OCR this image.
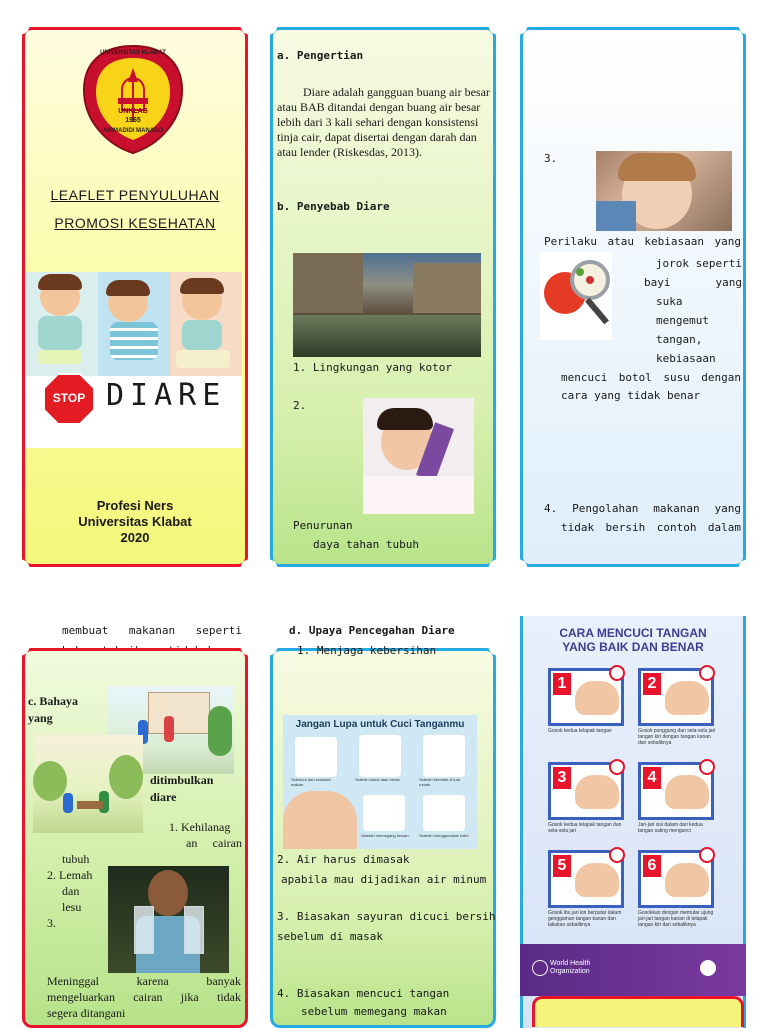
UNIVERSITAS KLABAT
UNKLAB
1965
AIRMADIDI MANADO
LEAFLET PENYULUHAN
PROMOSI KESEHATAN
STOP DIARE
Profesi Ners
Universitas Klabat
2020
a. Pengertian
Diare adalah gangguan buang air besar atau BAB ditandai dengan buang air besar lebih dari 3 kali sehari dengan konsistensi tinja cair, dapat disertai dengan darah dan atau lender (Riskesdas, 2013).
b. Penyebab Diare
1. Lingkungan yang kotor
2.
Penurunan
daya tahan tubuh
3.
Perilaku atau kebiasaan yang
jorok seperti
bayi yang
suka
mengemut
tangan,
kebiasaan
mencuci botol susu dengan
cara yang tidak benar
4. Pengolahan makanan yang
tidak bersih contoh dalam
membuat makanan seperti
c. Bahaya
yang
ditimbulkan
diare
1. Kehilanag
an cairan
tubuh
2. Lemah
dan
lesu
3.
Meninggal karena banyak
mengeluarkan cairan jika tidak
segera ditangani
d. Upaya Pencegahan Diare
1. Menjaga kebersihan
Jangan Lupa untuk Cuci Tanganmu
Sebelum dan sesudah makan
Setelah batuk atau bersin	Setelah bermain di luar rumah
Setelah memegang hewan	Setelah menggunakan toilet
2. Air harus dimasak
apabila mau dijadikan air minum
3. Biasakan sayuran dicuci bersih
sebelum di masak
4. Biasakan mencuci tangan
sebelum memegang makan
CARA MENCUCI TANGAN
YANG BAIK DAN BENAR
1
Gosok kedua telapak tangan
2
Gosok punggung dan sela-sela jari tangan kiri dengan tangan kanan dan sebaliknya
3
Gosok kedua telapak tangan dan sela-sela jari
4
Jari-jari sisi dalam dari kedua tangan saling mengunci
5
Gosok ibu jari kiri berputar dalam genggaman tangan kanan dan lakukan sebaliknya
6
Gosokkan dengan memutar ujung jari-jari tangan kanan di telapak tangan kiri dan sebaliknya
World Health
Organization
